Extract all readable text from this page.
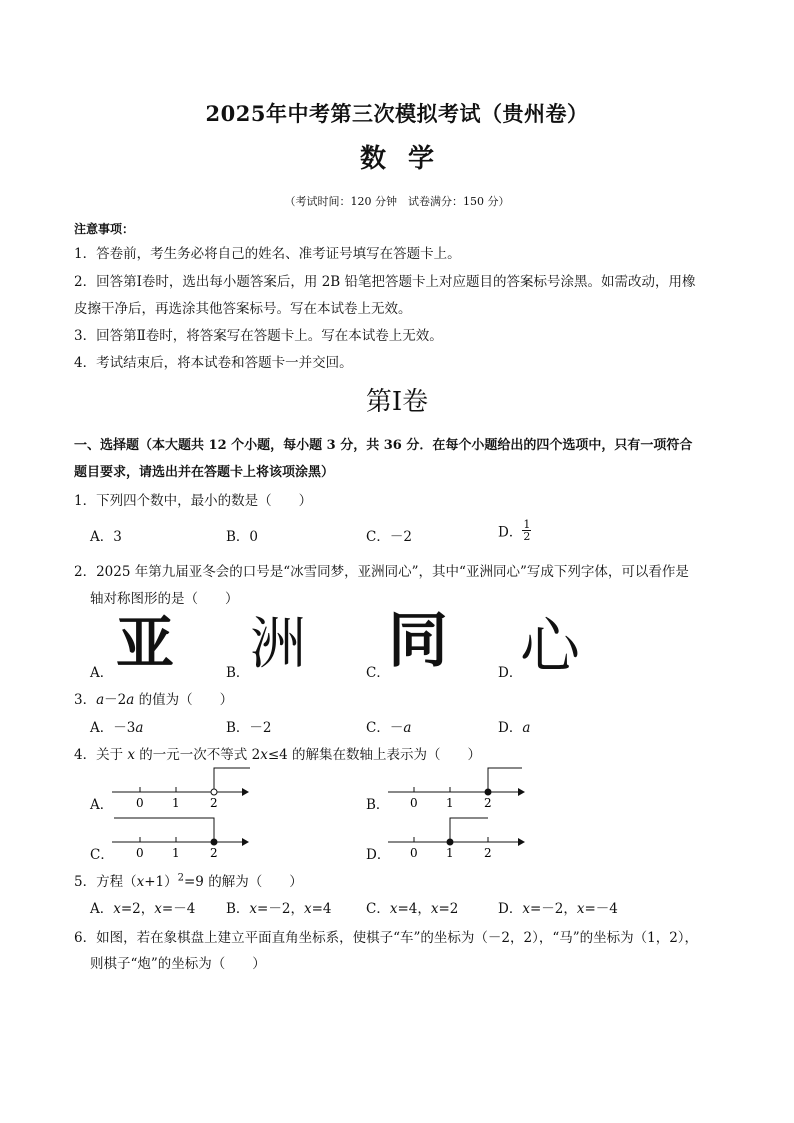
2025年中考第三次模拟考试（贵州卷）
数学
（考试时间：120 分钟　试卷满分：150 分）
注意事项：
1．答卷前，考生务必将自己的姓名、准考证号填写在答题卡上。
2．回答第Ⅰ卷时，选出每小题答案后，用 2B 铅笔把答题卡上对应题目的答案标号涂黑。如需改动，用橡
皮擦干净后，再选涂其他答案标号。写在本试卷上无效。
3．回答第Ⅱ卷时，将答案写在答题卡上。写在本试卷上无效。
4．考试结束后，将本试卷和答题卡一并交回。
第Ⅰ卷
一、选择题（本大题共 12 个小题，每小题 3 分，共 36 分．在每个小题给出的四个选项中，只有一项符合
题目要求，请选出并在答题卡上将该项涂黑）
1．下列四个数中，最小的数是（　　）
A．3	B．0	C．－2	D． $\frac{1}{2}$
2．2025 年第九届亚冬会的口号是“冰雪同梦，亚洲同心”，其中“亚洲同心”写成下列字体，可以看作是
轴对称图形的是（　　）
A． 亚	B． 洲	C．
同	D．
心
3．a－2a 的值为（　　）
A．－3a	B．－2	C．－a	D．a
4．关于 x 的一元一次不等式 2x≤4 的解集在数轴上表示为（　　）
A． 0 1	2	B． 0 1	2
C． 0 1	2	D． 0 1	2
5．方程$(x+1)^2=9$ 的解为（　　）
A．x=2，x=－4 B．x=－2，x=4	C．x=4，x=2	D．x=－2，x=－4
6．如图，若在象棋盘上建立平面直角坐标系，使棋子“车”的坐标为（－2，2），“马”的坐标为（1，2），
则棋子“炮”的坐标为（　　）
